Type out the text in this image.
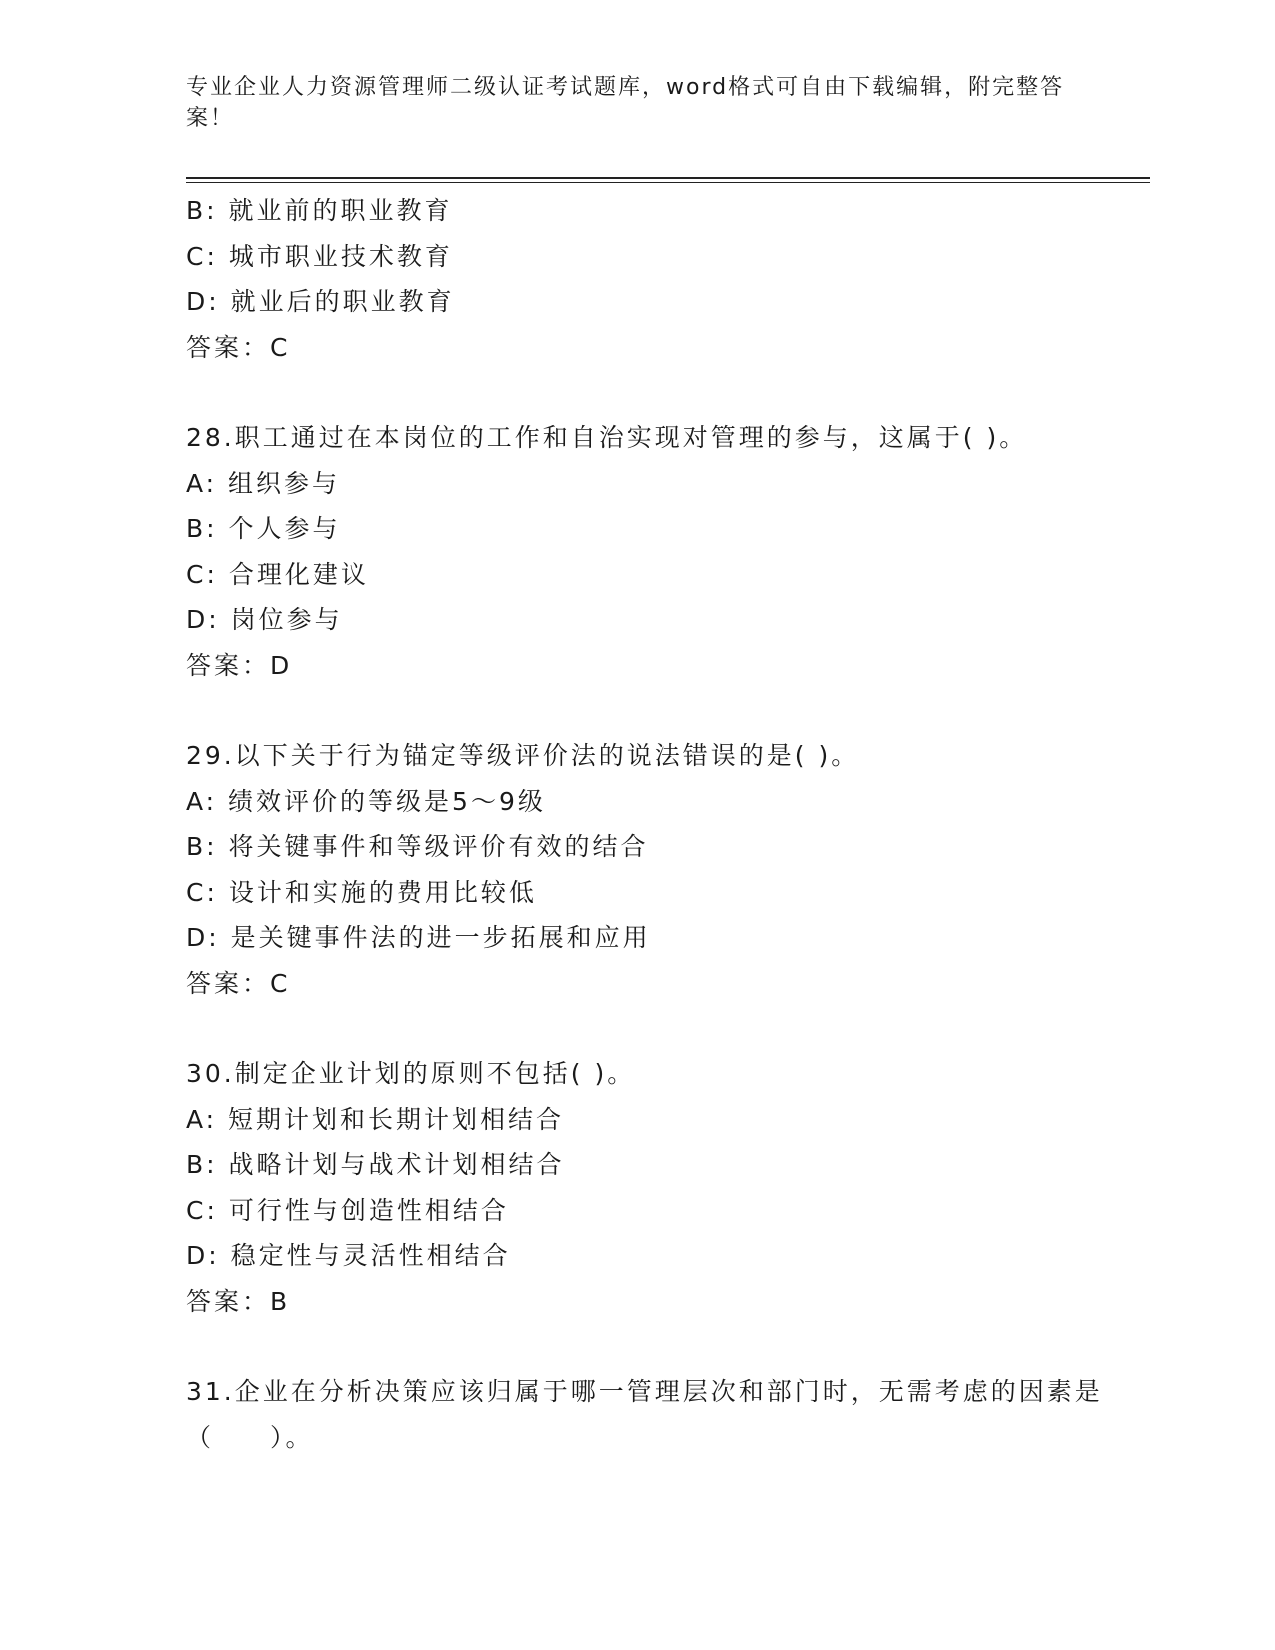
专业企业人力资源管理师二级认证考试题库，word格式可自由下载编辑，附完整答案！
B: 就业前的职业教育
C: 城市职业技术教育
D: 就业后的职业教育
答案：C
28.职工通过在本岗位的工作和自治实现对管理的参与，这属于( )。
A: 组织参与
B: 个人参与
C: 合理化建议
D: 岗位参与
答案：D
29.以下关于行为锚定等级评价法的说法错误的是( )。
A: 绩效评价的等级是5～9级
B: 将关键事件和等级评价有效的结合
C: 设计和实施的费用比较低
D: 是关键事件法的进一步拓展和应用
答案：C
30.制定企业计划的原则不包括( )。
A: 短期计划和长期计划相结合
B: 战略计划与战术计划相结合
C: 可行性与创造性相结合
D: 稳定性与灵活性相结合
答案：B
31.企业在分析决策应该归属于哪一管理层次和部门时，无需考虑的因素是（　　）。
